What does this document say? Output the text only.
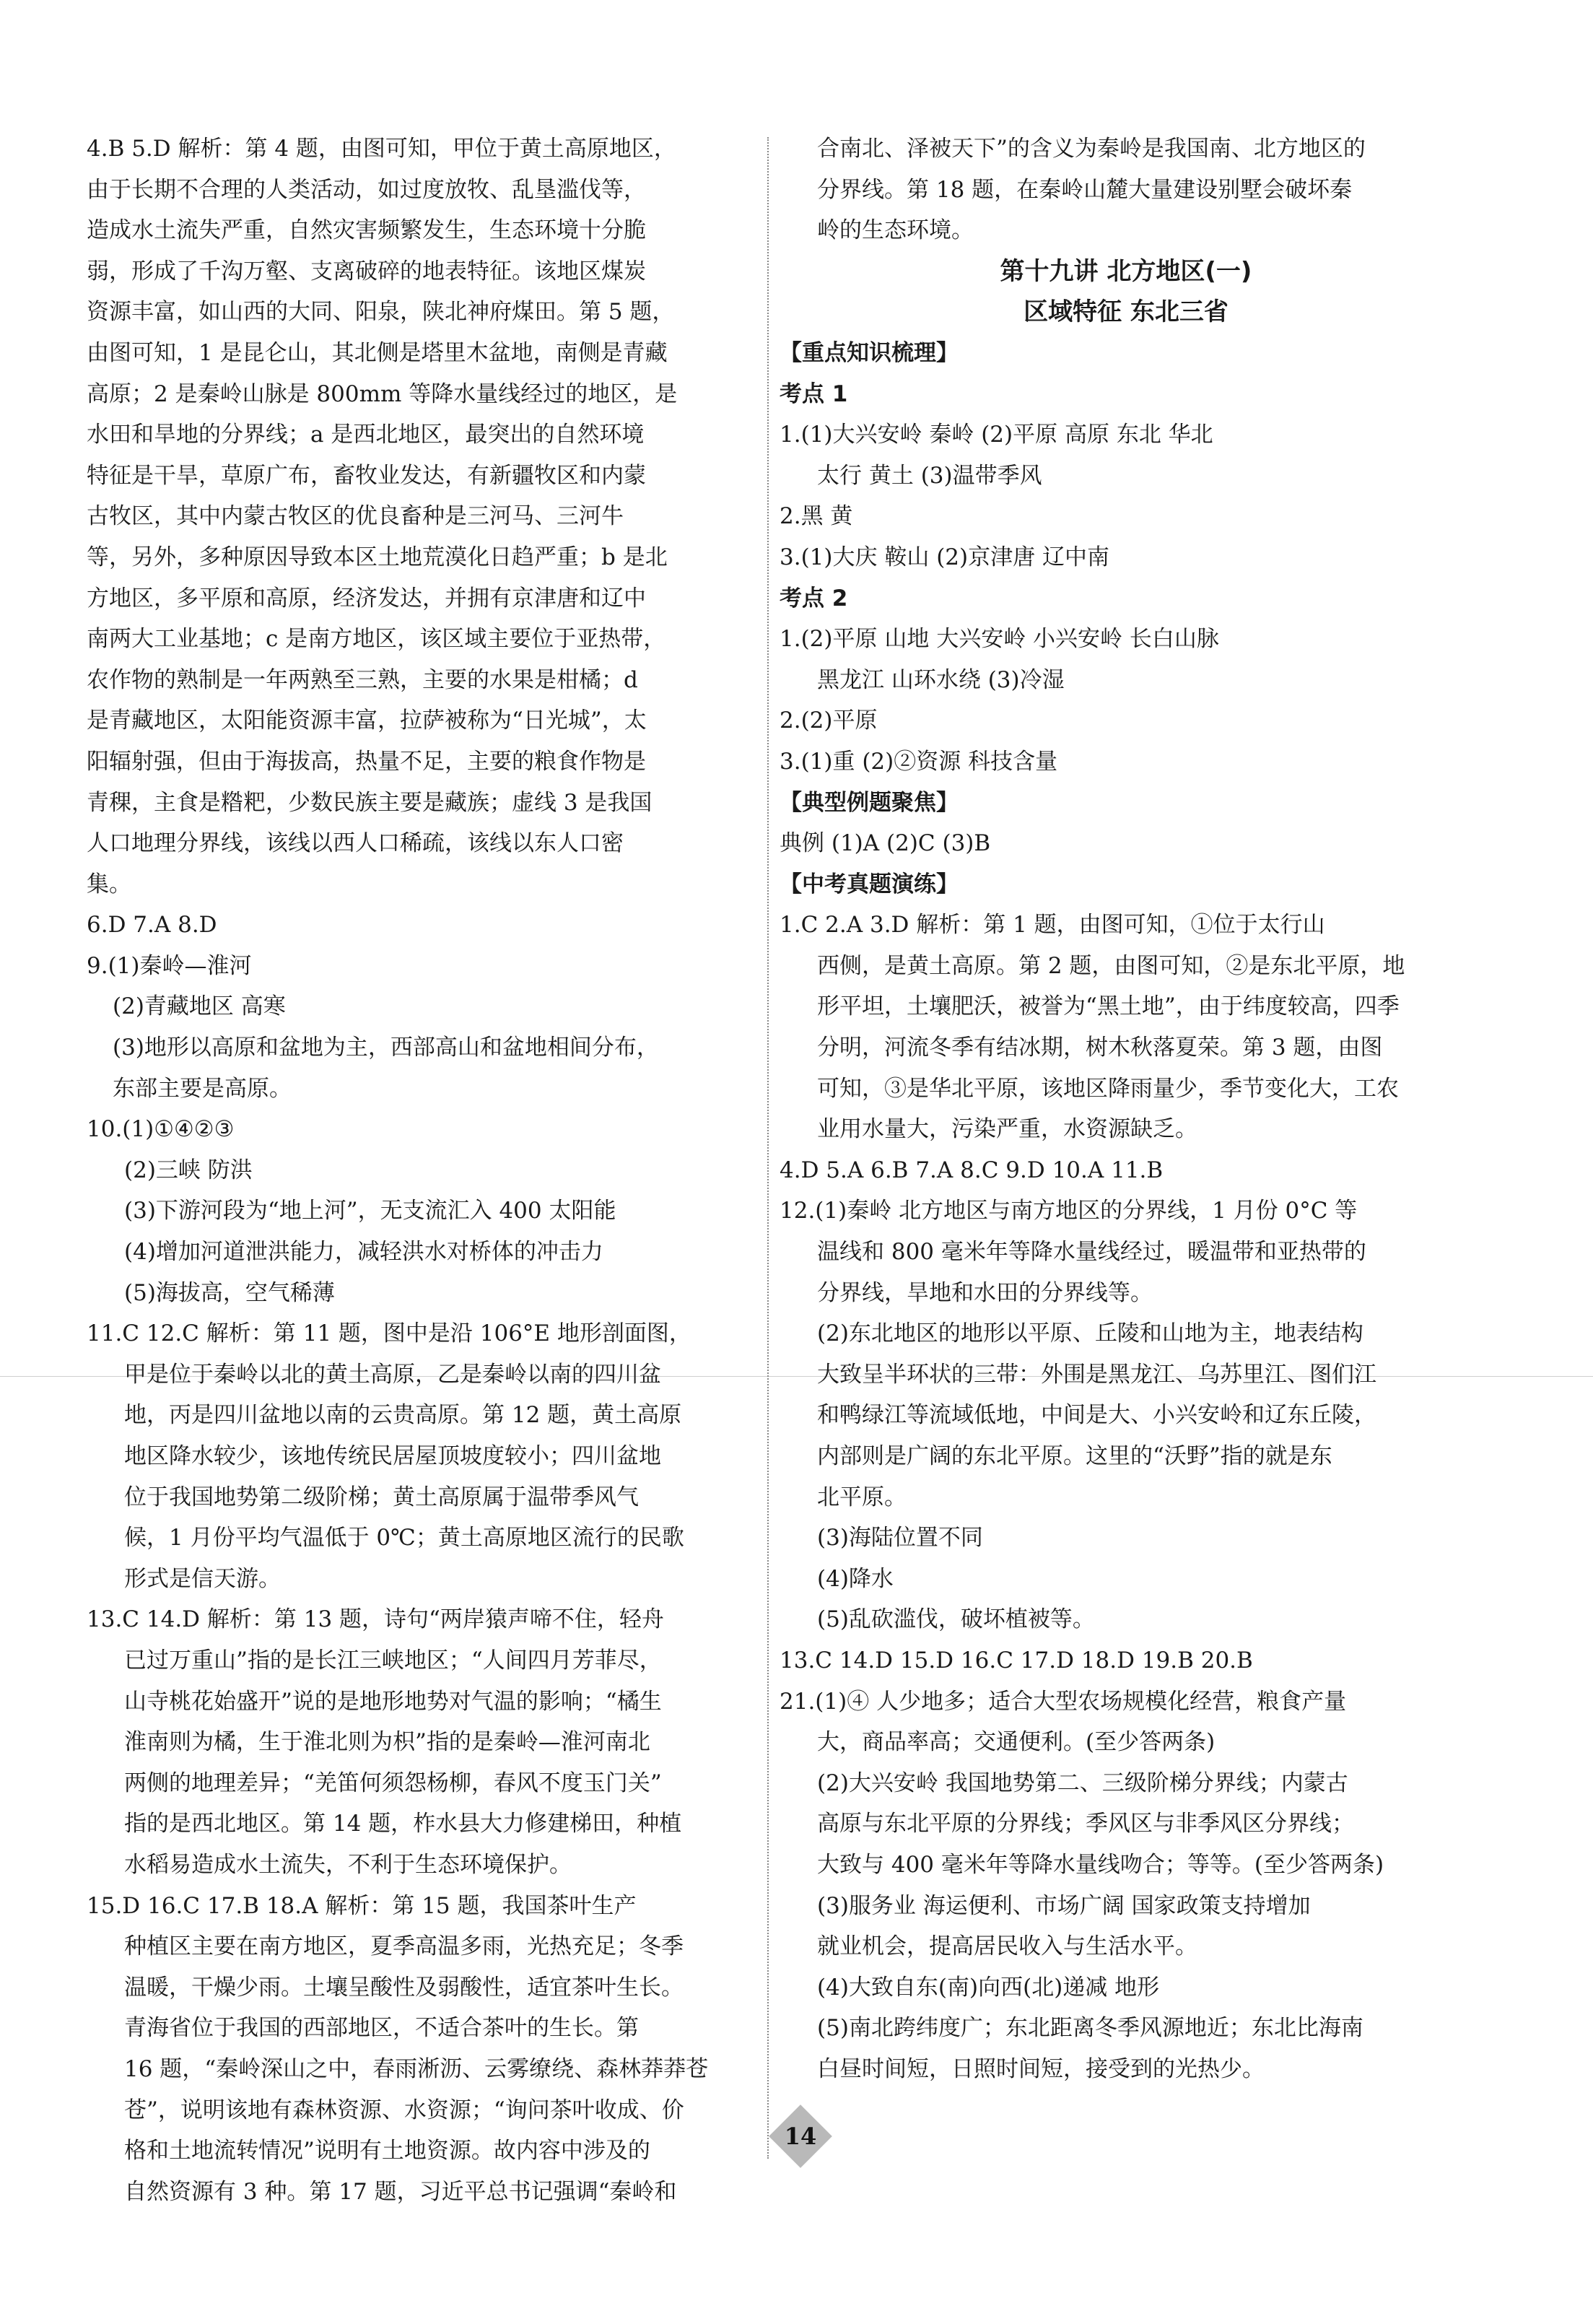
4.B 5.D 解析：第 4 题，由图可知，甲位于黄土高原地区，
由于长期不合理的人类活动，如过度放牧、乱垦滥伐等，
造成水土流失严重，自然灾害频繁发生，生态环境十分脆
弱，形成了千沟万壑、支离破碎的地表特征。该地区煤炭
资源丰富，如山西的大同、阳泉，陕北神府煤田。第 5 题，
由图可知，1 是昆仑山，其北侧是塔里木盆地，南侧是青藏
高原；2 是秦岭山脉是 800mm 等降水量线经过的地区，是
水田和旱地的分界线；a 是西北地区，最突出的自然环境
特征是干旱，草原广布，畜牧业发达，有新疆牧区和内蒙
古牧区，其中内蒙古牧区的优良畜种是三河马、三河牛
等，另外，多种原因导致本区土地荒漠化日趋严重；b 是北
方地区，多平原和高原，经济发达，并拥有京津唐和辽中
南两大工业基地；c 是南方地区，该区域主要位于亚热带，
农作物的熟制是一年两熟至三熟，主要的水果是柑橘；d
是青藏地区，太阳能资源丰富，拉萨被称为“日光城”，太
阳辐射强，但由于海拔高，热量不足，主要的粮食作物是
青稞，主食是糌粑，少数民族主要是藏族；虚线 3 是我国
人口地理分界线，该线以西人口稀疏，该线以东人口密
集。
6.D 7.A 8.D
9.(1)秦岭—淮河
(2)青藏地区 高寒
(3)地形以高原和盆地为主，西部高山和盆地相间分布，
东部主要是高原。
10.(1)①④②③
(2)三峡 防洪
(3)下游河段为“地上河”，无支流汇入 400 太阳能
(4)增加河道泄洪能力，减轻洪水对桥体的冲击力
(5)海拔高，空气稀薄
11.C 12.C 解析：第 11 题，图中是沿 106°E 地形剖面图，
甲是位于秦岭以北的黄土高原，乙是秦岭以南的四川盆
地，丙是四川盆地以南的云贵高原。第 12 题，黄土高原
地区降水较少，该地传统民居屋顶坡度较小；四川盆地
位于我国地势第二级阶梯；黄土高原属于温带季风气
候，1 月份平均气温低于 0℃；黄土高原地区流行的民歌
形式是信天游。
13.C 14.D 解析：第 13 题，诗句“两岸猿声啼不住，轻舟
已过万重山”指的是长江三峡地区；“人间四月芳菲尽，
山寺桃花始盛开”说的是地形地势对气温的影响；“橘生
淮南则为橘，生于淮北则为枳”指的是秦岭—淮河南北
两侧的地理差异；“羌笛何须怨杨柳，春风不度玉门关”
指的是西北地区。第 14 题，柞水县大力修建梯田，种植
水稻易造成水土流失，不利于生态环境保护。
15.D 16.C 17.B 18.A 解析：第 15 题，我国茶叶生产
种植区主要在南方地区，夏季高温多雨，光热充足；冬季
温暖，干燥少雨。土壤呈酸性及弱酸性，适宜茶叶生长。
青海省位于我国的西部地区，不适合茶叶的生长。第
16 题，“秦岭深山之中，春雨淅沥、云雾缭绕、森林莽莽苍
苍”，说明该地有森林资源、水资源；“询问茶叶收成、价
格和土地流转情况”说明有土地资源。故内容中涉及的
自然资源有 3 种。第 17 题，习近平总书记强调“秦岭和
合南北、泽被天下”的含义为秦岭是我国南、北方地区的
分界线。第 18 题，在秦岭山麓大量建设别墅会破坏秦
岭的生态环境。
第十九讲 北方地区(一)
区域特征 东北三省
【重点知识梳理】
考点 1
1.(1)大兴安岭 秦岭 (2)平原 高原 东北 华北
太行 黄土 (3)温带季风
2.黑 黄
3.(1)大庆 鞍山 (2)京津唐 辽中南
考点 2
1.(2)平原 山地 大兴安岭 小兴安岭 长白山脉
黑龙江 山环水绕 (3)冷湿
2.(2)平原
3.(1)重 (2)②资源 科技含量
【典型例题聚焦】
典例 (1)A (2)C (3)B
【中考真题演练】
1.C 2.A 3.D 解析：第 1 题，由图可知，①位于太行山
西侧，是黄土高原。第 2 题，由图可知，②是东北平原，地
形平坦，土壤肥沃，被誉为“黑土地”，由于纬度较高，四季
分明，河流冬季有结冰期，树木秋落夏荣。第 3 题，由图
可知，③是华北平原，该地区降雨量少，季节变化大，工农
业用水量大，污染严重，水资源缺乏。
4.D 5.A 6.B 7.A 8.C 9.D 10.A 11.B
12.(1)秦岭 北方地区与南方地区的分界线，1 月份 0°C 等
温线和 800 毫米年等降水量线经过，暖温带和亚热带的
分界线，旱地和水田的分界线等。
(2)东北地区的地形以平原、丘陵和山地为主，地表结构
大致呈半环状的三带：外围是黑龙江、乌苏里江、图们江
和鸭绿江等流域低地，中间是大、小兴安岭和辽东丘陵，
内部则是广阔的东北平原。这里的“沃野”指的就是东
北平原。
(3)海陆位置不同
(4)降水
(5)乱砍滥伐，破坏植被等。
13.C 14.D 15.D 16.C 17.D 18.D 19.B 20.B
21.(1)④ 人少地多；适合大型农场规模化经营，粮食产量
大，商品率高；交通便利。(至少答两条)
(2)大兴安岭 我国地势第二、三级阶梯分界线；内蒙古
高原与东北平原的分界线；季风区与非季风区分界线；
大致与 400 毫米年等降水量线吻合；等等。(至少答两条)
(3)服务业 海运便利、市场广阔 国家政策支持增加
就业机会，提高居民收入与生活水平。
(4)大致自东(南)向西(北)递减 地形
(5)南北跨纬度广；东北距离冬季风源地近；东北比海南
白昼时间短，日照时间短，接受到的光热少。
14
